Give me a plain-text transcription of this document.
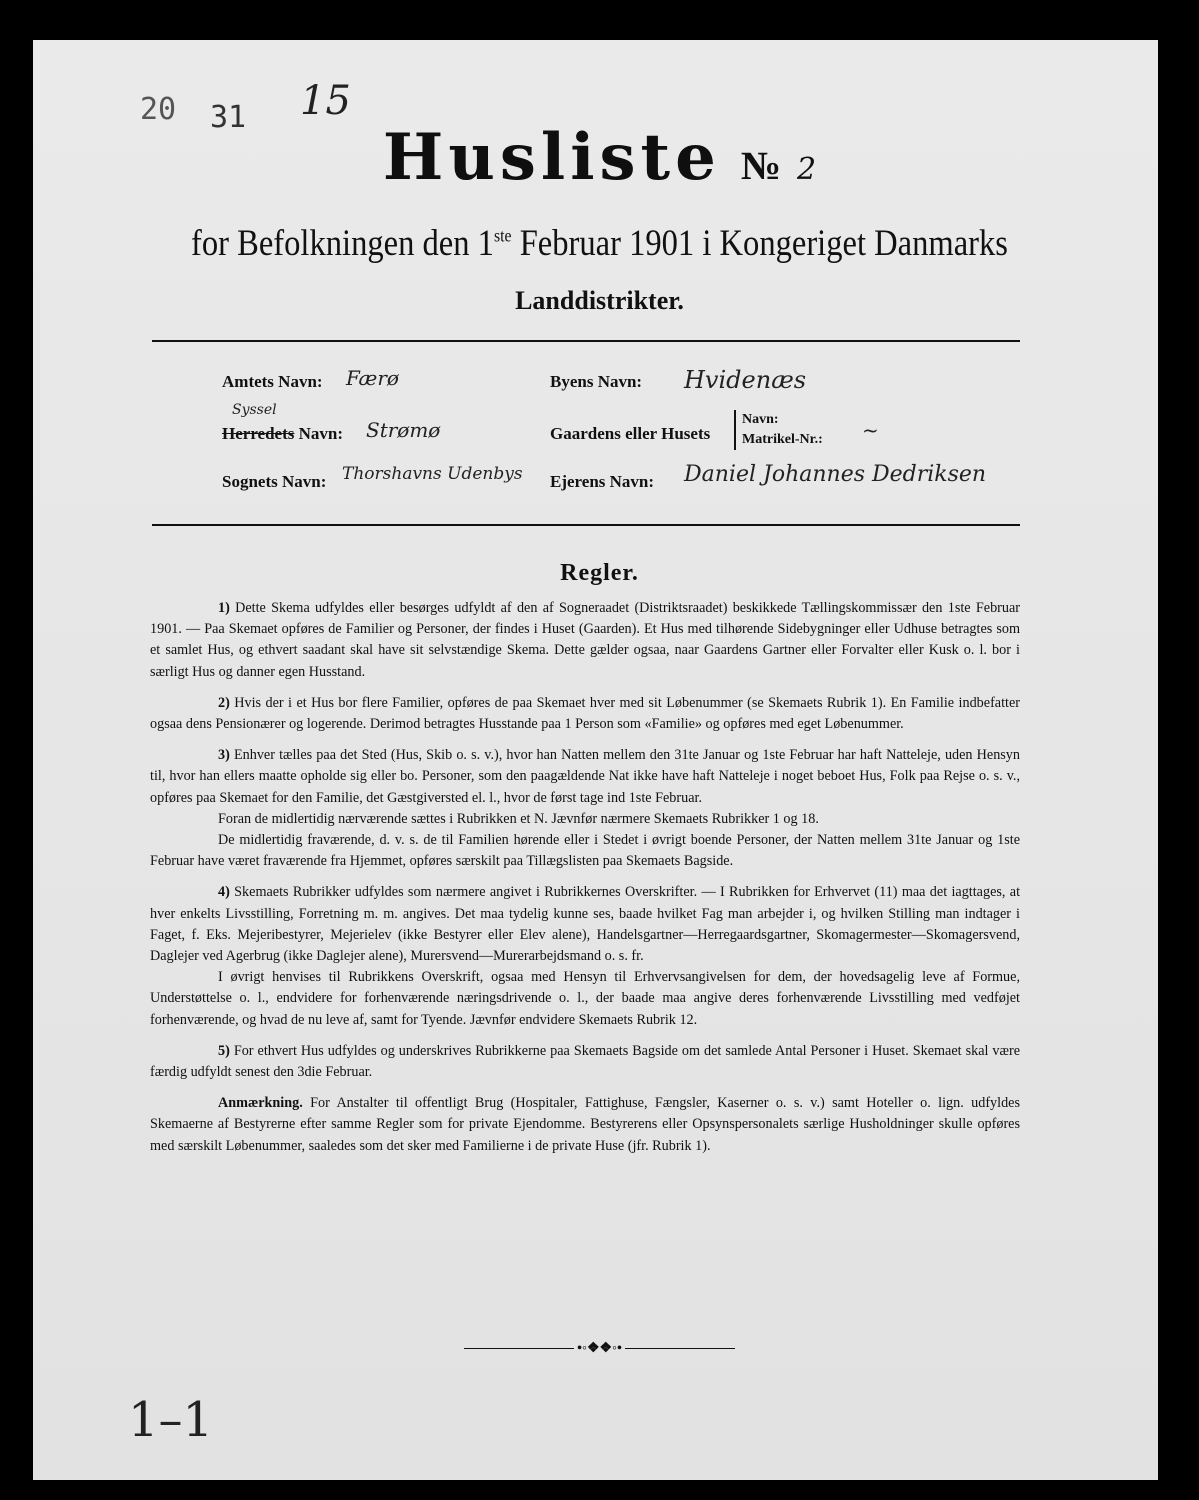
20 31 15
Husliste № 2
for Befolkningen den 1ste Februar 1901 i Kongeriget Danmarks
Landdistrikter.
Amtets Navn: Færø	Byens Navn: Hvidenæs
Syssel
Herredets Navn: Strømø	Gaardens eller Husets
Navn:
Matrikel-Nr.: ~
Sognets Navn: Thorshavns Udenbys Ejerens Navn: Daniel Johannes Dedriksen
Regler.

1) Dette Skema udfyldes eller besørges udfyldt af den af Sogneraadet (Distriktsraadet) beskikkede Tællingskommissær den 1ste Februar 1901. — Paa Skemaet opføres de Familier og Personer, der findes i Huset (Gaarden). Et Hus med tilhørende Sidebygninger eller Udhuse betragtes som et samlet Hus, og ethvert saadant skal have sit selvstændige Skema. Dette gælder ogsaa, naar Gaardens Gartner eller Forvalter eller Kusk o. l. bor i særligt Hus og danner egen Husstand.

2) Hvis der i et Hus bor flere Familier, opføres de paa Skemaet hver med sit Løbenummer (se Skemaets Rubrik 1). En Familie indbefatter ogsaa dens Pensionærer og logerende. Derimod betragtes Husstande paa 1 Person som «Familie» og opføres med eget Løbenummer.

3) Enhver tælles paa det Sted (Hus, Skib o. s. v.), hvor han Natten mellem den 31te Januar og 1ste Februar har haft Natteleje, uden Hensyn til, hvor han ellers maatte opholde sig eller bo. Personer, som den paagældende Nat ikke have haft Natteleje i noget beboet Hus, Folk paa Rejse o. s. v., opføres paa Skemaet for den Familie, det Gæstgiversted el. l., hvor de først tage ind 1ste Februar.

Foran de midlertidig nærværende sættes i Rubrikken et N. Jævnfør nærmere Skemaets Rubrikker 1 og 18.

De midlertidig fraværende, d. v. s. de til Familien hørende eller i Stedet i øvrigt boende Personer, der Natten mellem 31te Januar og 1ste Februar have været fraværende fra Hjemmet, opføres særskilt paa Tillægslisten paa Skemaets Bagside.

4) Skemaets Rubrikker udfyldes som nærmere angivet i Rubrikkernes Overskrifter. — I Rubrikken for Erhvervet (11) maa det iagttages, at hver enkelts Livsstilling, Forretning m. m. angives. Det maa tydelig kunne ses, baade hvilket Fag man arbejder i, og hvilken Stilling man indtager i Faget, f. Eks. Mejeribestyrer, Mejerielev (ikke Bestyrer eller Elev alene), Handelsgartner—Herregaardsgartner, Skomagermester—Skomagersvend, Daglejer ved Agerbrug (ikke Daglejer alene), Murersvend—Murerarbejdsmand o. s. fr.

I øvrigt henvises til Rubrikkens Overskrift, ogsaa med Hensyn til Erhvervsangivelsen for dem, der hovedsagelig leve af Formue, Understøttelse o. l., endvidere for forhenværende næringsdrivende o. l., der baade maa angive deres forhenværende Livsstilling med vedføjet forhenværende, og hvad de nu leve af, samt for Tyende. Jævnfør endvidere Skemaets Rubrik 12.

5) For ethvert Hus udfyldes og underskrives Rubrikkerne paa Skemaets Bagside om det samlede Antal Personer i Huset. Skemaet skal være færdig udfyldt senest den 3die Februar.

Anmærkning. For Anstalter til offentligt Brug (Hospitaler, Fattighuse, Fængsler, Kaserner o. s. v.) samt Hoteller o. lign. udfyldes Skemaerne af Bestyrerne efter samme Regler som for private Ejendomme. Bestyrerens eller Opsynspersonalets særlige Husholdninger skulle opføres med særskilt Løbenummer, saaledes som det sker med Familierne i de private Huse (jfr. Rubrik 1).

•◦❖❖◦•
1–1
